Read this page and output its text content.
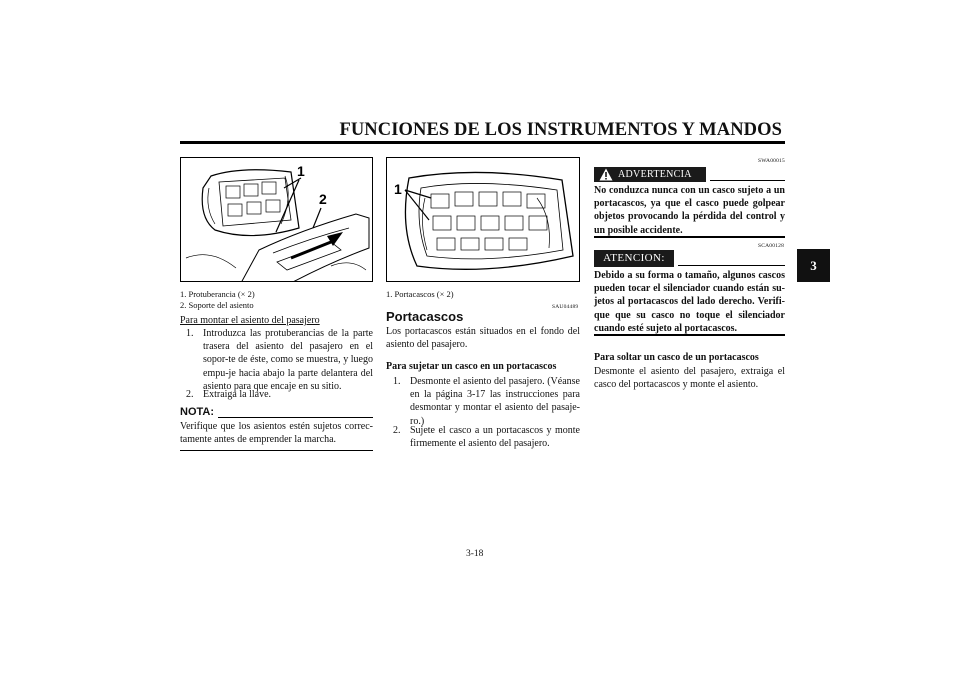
FUNCIONES DE LOS INSTRUMENTOS Y MANDOS
3
1
2
1. Protuberancia (× 2)
2. Soporte del asiento
Para montar el asiento del pasajero
1. Introduzca las protuberancias de la parte trasera del asiento del pasajero en el sopor-te de éste, como se muestra, y luego empu-je hacia abajo la parte delantera del asiento para que encaje en su sitio.
2. Extraiga la llave.
NOTA:
Verifique que los asientos estén sujetos correc-tamente antes de emprender la marcha.
1
1. Portacascos (× 2)
SAU04489
Portacascos
Los portacascos están situados en el fondo del asiento del pasajero.
Para sujetar un casco en un portacascos
1. Desmonte el asiento del pasajero. (Véanse en la página 3-17 las instrucciones para desmontar y montar el asiento del pasaje-ro.)
2. Sujete el casco a un portacascos y monte firmemente el asiento del pasajero.
SWA00015
ADVERTENCIA
No conduzca nunca con un casco sujeto a un portacascos, ya que el casco puede golpear objetos provocando la pérdida del control y un posible accidente.
SCA00128
ATENCION:
Debido a su forma o tamaño, algunos cascos pueden tocar el silenciador cuando están su-jetos al portacascos del lado derecho. Verifi-que que su casco no toque el silenciador cuando esté sujeto al portacascos.
Para soltar un casco de un portacascos
Desmonte el asiento del pasajero, extraiga el casco del portacascos y monte el asiento.
3-18
